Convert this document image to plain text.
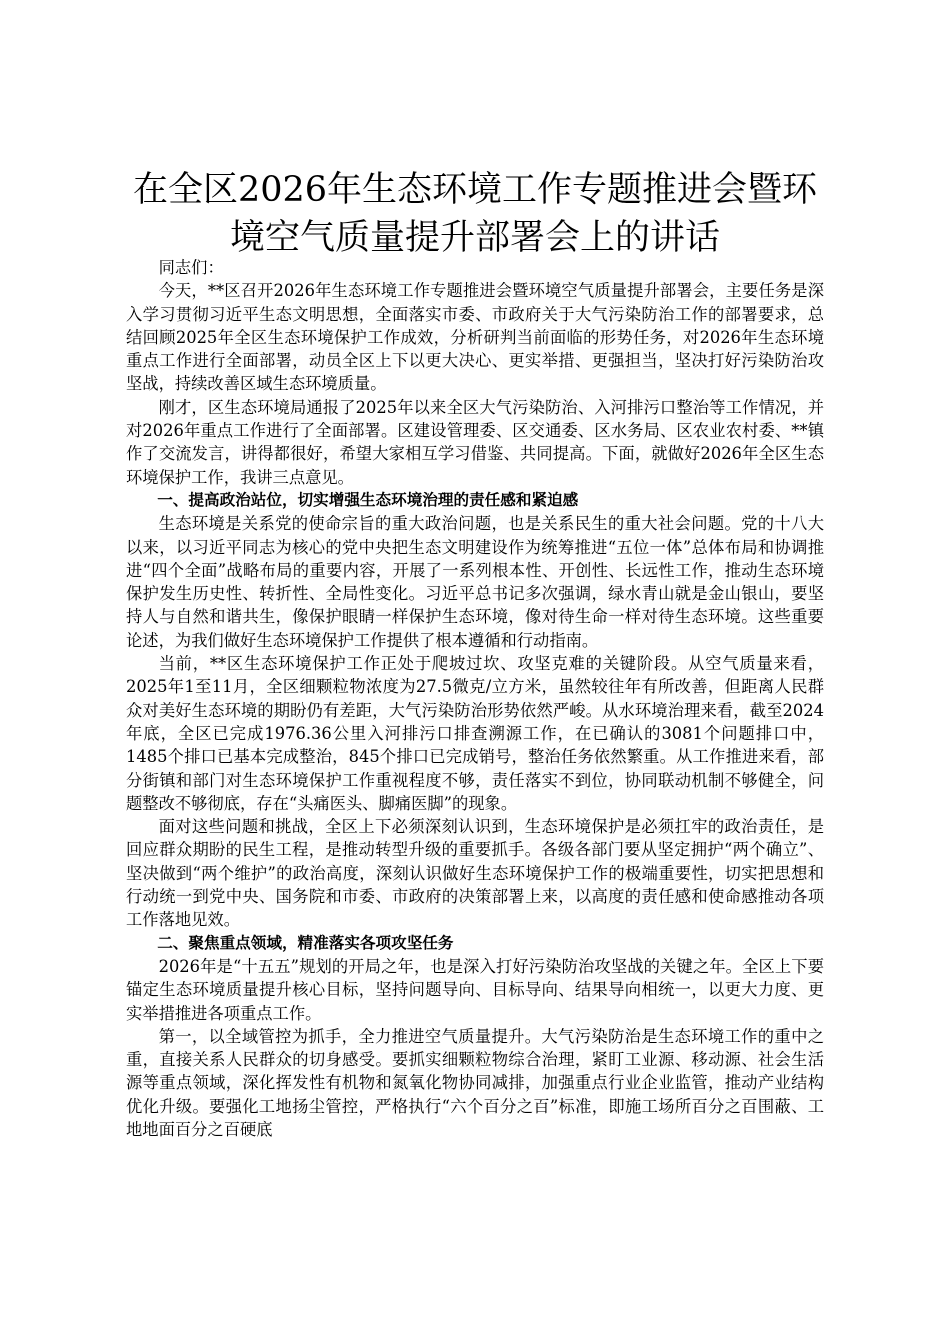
在全区2026年生态环境工作专题推进会暨环
境空气质量提升部署会上的讲话

同志们：

今天，**区召开2026年生态环境工作专题推进会暨环境空气质量提升部署会，主要任务是深入学习贯彻习近平生态文明思想，全面落实市委、市政府关于大气污染防治工作的部署要求，总结回顾2025年全区生态环境保护工作成效，分析研判当前面临的形势任务，对2026年生态环境重点工作进行全面部署，动员全区上下以更大决心、更实举措、更强担当，坚决打好污染防治攻坚战，持续改善区域生态环境质量。

刚才，区生态环境局通报了2025年以来全区大气污染防治、入河排污口整治等工作情况，并对2026年重点工作进行了全面部署。区建设管理委、区交通委、区水务局、区农业农村委、**镇作了交流发言，讲得都很好，希望大家相互学习借鉴、共同提高。下面，就做好2026年全区生态环境保护工作，我讲三点意见。

一、提高政治站位，切实增强生态环境治理的责任感和紧迫感

生态环境是关系党的使命宗旨的重大政治问题，也是关系民生的重大社会问题。党的十八大以来，以习近平同志为核心的党中央把生态文明建设作为统筹推进“五位一体”总体布局和协调推进“四个全面”战略布局的重要内容，开展了一系列根本性、开创性、长远性工作，推动生态环境保护发生历史性、转折性、全局性变化。习近平总书记多次强调，绿水青山就是金山银山，要坚持人与自然和谐共生，像保护眼睛一样保护生态环境，像对待生命一样对待生态环境。这些重要论述，为我们做好生态环境保护工作提供了根本遵循和行动指南。

当前，**区生态环境保护工作正处于爬坡过坎、攻坚克难的关键阶段。从空气质量来看，2025年1至11月，全区细颗粒物浓度为27.5微克/立方米，虽然较往年有所改善，但距离人民群众对美好生态环境的期盼仍有差距，大气污染防治形势依然严峻。从水环境治理来看，截至2024年底，全区已完成1976.36公里入河排污口排查溯源工作，在已确认的3081个问题排口中，1485个排口已基本完成整治，845个排口已完成销号，整治任务依然繁重。从工作推进来看，部分街镇和部门对生态环境保护工作重视程度不够，责任落实不到位，协同联动机制不够健全，问题整改不够彻底，存在“头痛医头、脚痛医脚”的现象。

面对这些问题和挑战，全区上下必须深刻认识到，生态环境保护是必须扛牢的政治责任，是回应群众期盼的民生工程，是推动转型升级的重要抓手。各级各部门要从坚定拥护“两个确立”、坚决做到“两个维护”的政治高度，深刻认识做好生态环境保护工作的极端重要性，切实把思想和行动统一到党中央、国务院和市委、市政府的决策部署上来，以高度的责任感和使命感推动各项工作落地见效。

二、聚焦重点领域，精准落实各项攻坚任务

2026年是“十五五”规划的开局之年，也是深入打好污染防治攻坚战的关键之年。全区上下要锚定生态环境质量提升核心目标，坚持问题导向、目标导向、结果导向相统一，以更大力度、更实举措推进各项重点工作。

第一，以全域管控为抓手，全力推进空气质量提升。大气污染防治是生态环境工作的重中之重，直接关系人民群众的切身感受。要抓实细颗粒物综合治理，紧盯工业源、移动源、社会生活源等重点领域，深化挥发性有机物和氮氧化物协同减排，加强重点行业企业监管，推动产业结构优化升级。要强化工地扬尘管控，严格执行“六个百分之百”标准，即施工场所百分之百围蔽、工地地面百分之百硬底
